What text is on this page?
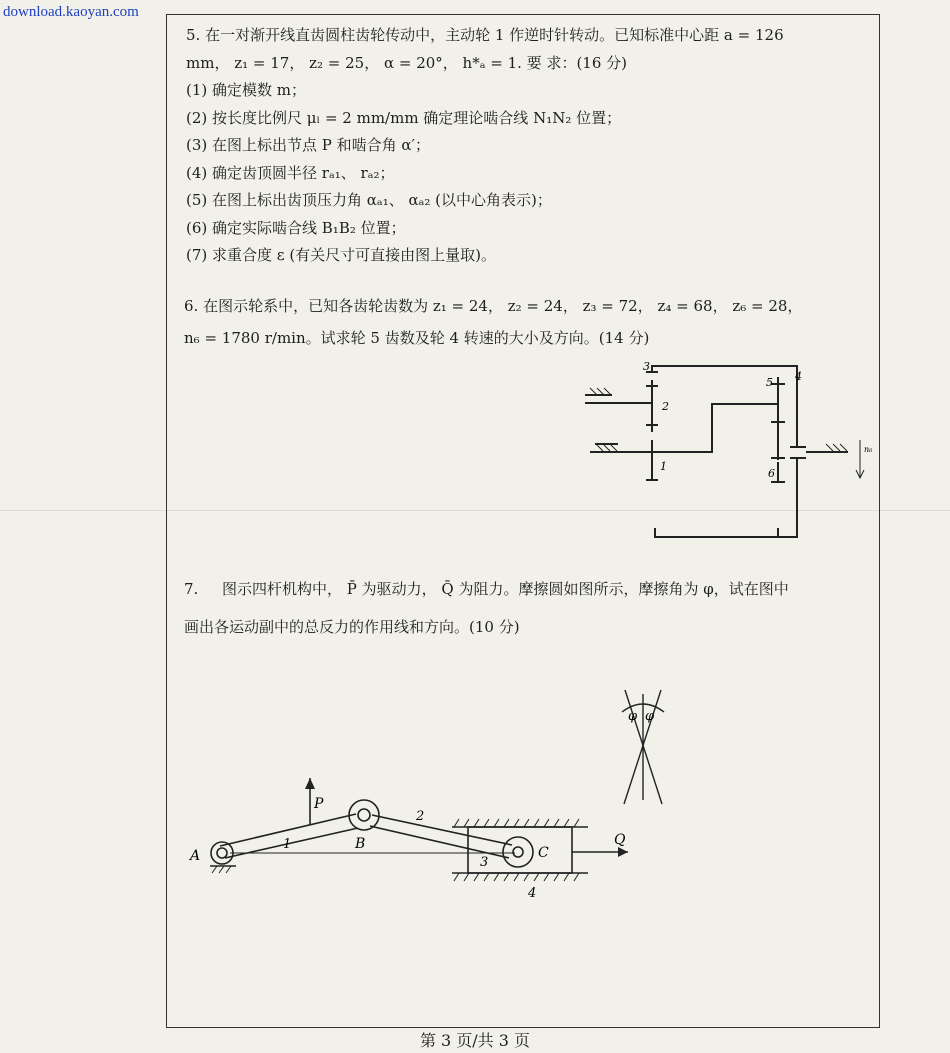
download.kaoyan.com

5. 在一对渐开线直齿圆柱齿轮传动中，主动轮 1 作逆时针转动。已知标准中心距 a = 126

mm， z₁ = 17， z₂ = 25， α = 20°， h*ₐ = 1. 要 求：(16 分)

(1) 确定模数 m；

(2) 按长度比例尺 μₗ = 2 mm/mm 确定理论啮合线 N₁N₂ 位置；

(3) 在图上标出节点 P 和啮合角 α′；

(4) 确定齿顶圆半径 rₐ₁、 rₐ₂；

(5) 在图上标出齿顶压力角 αₐ₁、 αₐ₂ (以中心角表示)；

(6) 确定实际啮合线 B₁B₂ 位置；

(7) 求重合度 ε (有关尺寸可直接由图上量取)。

6. 在图示轮系中，已知各齿轮齿数为 z₁ = 24， z₂ = 24， z₃ = 72， z₄ = 68， z₆ = 28，

n₆ = 1780 r/min。试求轮 5 齿数及轮 4 转速的大小及方向。(14 分)

3
2
1
5 4
6
n₆

7. 图示四杆机构中， P̄ 为驱动力， Q̄ 为阻力。摩擦圆如图所示，摩擦角为 φ，试在图中

画出各运动副中的总反力的作用线和方向。(10 分)

φ φ
A
B
C
P
Q
1
2
3
4
第 3 页/共 3 页
